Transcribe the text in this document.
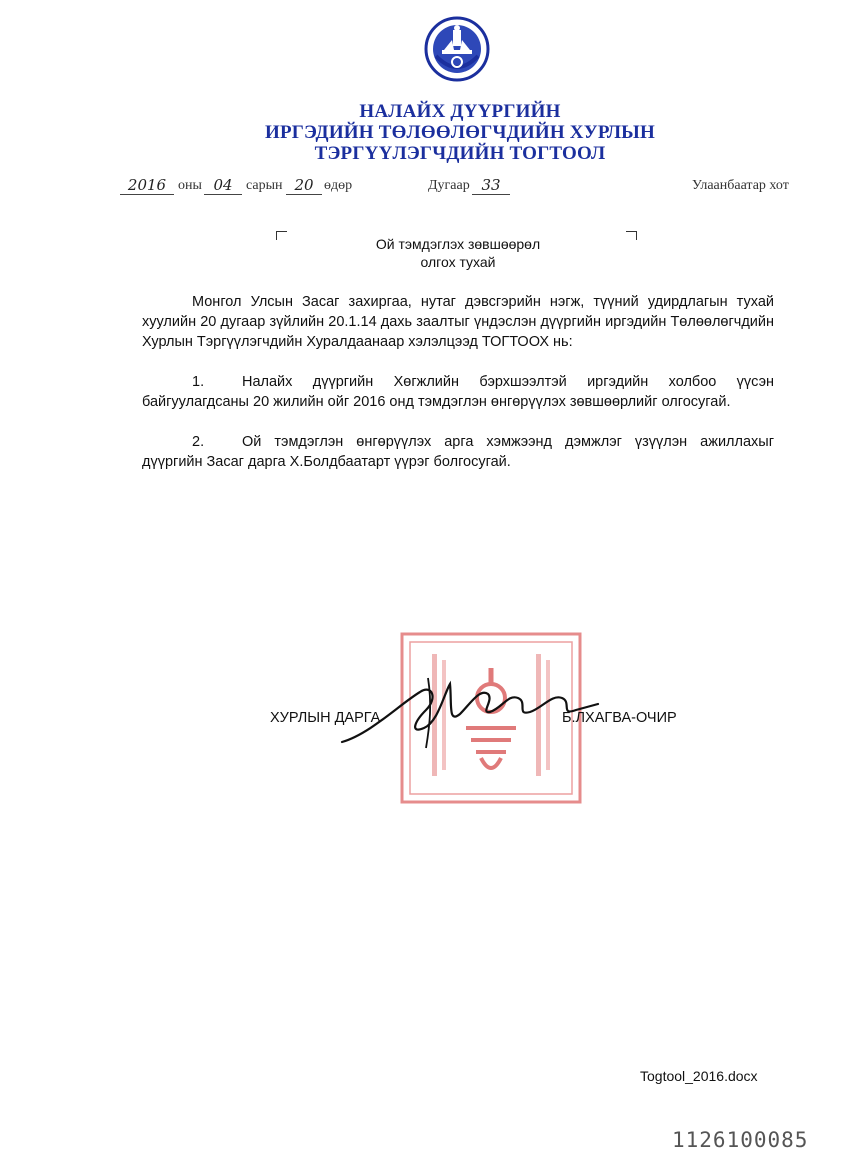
НАЛАЙХ ДҮҮРГИЙН
ИРГЭДИЙН ТӨЛӨӨЛӨГЧДИЙН ХУРЛЫН
ТЭРГҮҮЛЭГЧДИЙН ТОГТООЛ
2016 оны 04 сарын 20 өдөр	Дугаар 33	Улаанбаатар хот
Ой тэмдэглэх зөвшөөрөл
олгох тухай

Монгол Улсын Засаг захиргаа, нутаг дэвсгэрийн нэгж, түүний удирдлагын тухай хуулийн 20 дугаар зүйлийн 20.1.14 дахь заалтыг үндэслэн дүүргийн иргэдийн Төлөөлөгчдийн Хурлын Тэргүүлэгчдийн Хуралдаанаар хэлэлцээд ТОГТООХ нь:

1.	Налайх дүүргийн Хөгжлийн бэрхшээлтэй иргэдийн холбоо үүсэн байгуулагдсаны 20 жилийн ойг 2016 онд тэмдэглэн өнгөрүүлэх зөвшөөрлийг олгосугай.

2.	Ой тэмдэглэн өнгөрүүлэх арга хэмжээнд дэмжлэг үзүүлэн ажиллахыг дүүргийн Засаг дарга Х.Болдбаатарт үүрэг болгосугай.

ХУРЛЫН ДАРГА	Б.ЛХАГВА-ОЧИР
Togtool_2016.docx
1126100085
